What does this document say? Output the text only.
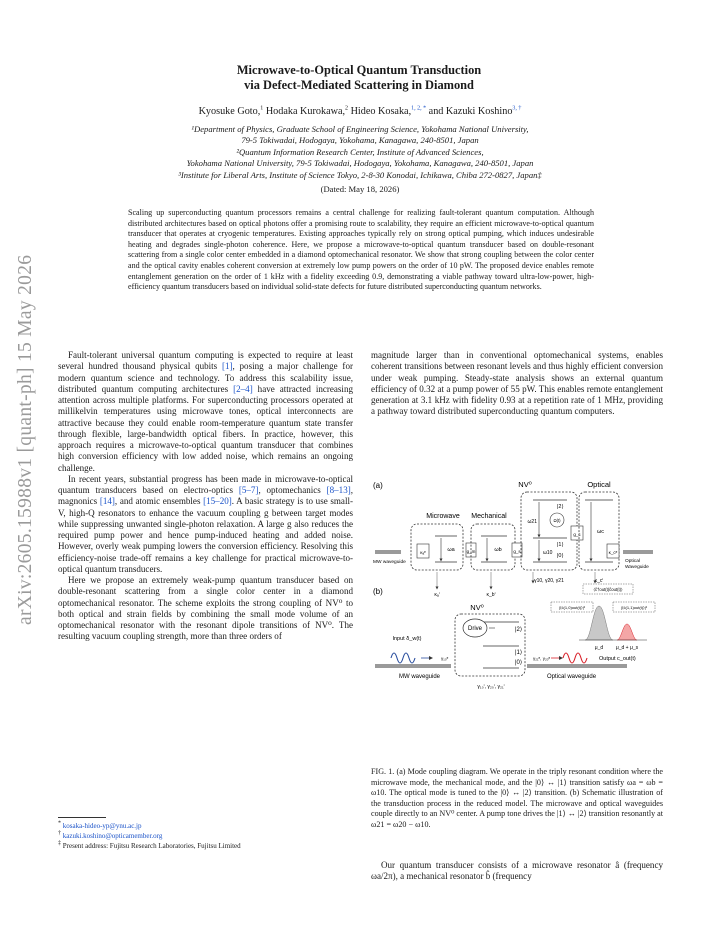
arXiv:2605.15988v1 [quant-ph] 15 May 2026
Microwave-to-Optical Quantum Transduction
via Defect-Mediated Scattering in Diamond
Kyosuke Goto,$^1$ Hodaka Kurokawa,$^2$ Hideo Kosaka,$^{1, 2, *}$ and Kazuki Koshino$^{3, \dagger}$
¹Department of Physics, Graduate School of Engineering Science, Yokohama National University,
79-5 Tokiwadai, Hodogaya, Yokohama, Kanagawa, 240-8501, Japan
²Quantum Information Research Center, Institute of Advanced Sciences,
Yokohama National University, 79-5 Tokiwadai, Hodogaya, Yokohama, Kanagawa, 240-8501, Japan
³Institute for Liberal Arts, Institute of Science Tokyo, 2-8-30 Konodai, Ichikawa, Chiba 272-0827, Japan‡
(Dated: May 18, 2026)
Scaling up superconducting quantum processors remains a central challenge for realizing fault-tolerant quantum computation. Although distributed architectures based on optical photons offer a promising route to scalability, they require an efficient microwave-to-optical quantum transducer that operates at cryogenic temperatures. Existing approaches typically rely on strong optical pumping, which induces undesirable heating and degrades single-photon coherence. Here, we propose a microwave-to-optical quantum transducer based on double-resonant scattering from a single color center embedded in a diamond optomechanical resonator. We show that strong coupling between the color center and the optical cavity enables coherent conversion at extremely low pump powers on the order of 10 pW. The proposed device enables remote entanglement generation on the order of 1 kHz with a fidelity exceeding 0.9, demonstrating a viable pathway toward ultra-low-power, high-efficiency quantum transducers based on individual solid-state defects for future distributed superconducting quantum networks.

Fault-tolerant universal quantum computing is expected to require at least several hundred thousand physical qubits [1], posing a major challenge for modern quantum science and technology. To address this scalability issue, distributed quantum computing architectures [2–4] have attracted increasing attention across multiple platforms. For superconducting processors operated at millikelvin temperatures using microwave tones, optical interconnects are attractive because they could enable room-temperature quantum state transfer through flexible, large-bandwidth optical fibers. In practice, however, this approach requires a microwave-to-optical quantum transducer that combines high conversion efficiency with low added noise, which remains an ongoing challenge.

In recent years, substantial progress has been made in microwave-to-optical quantum transducers based on electro-optics [5–7], optomechanics [8–13], magnonics [14], and atomic ensembles [15–20]. A basic strategy is to use small-V, high-Q resonators to enhance the vacuum coupling g between target modes while suppressing unwanted single-photon relaxation. A large g also reduces the required pump power and hence pump-induced heating and added noise. However, overly weak pumping lowers the conversion efficiency. Resolving this efficiency-noise trade-off remains a key challenge for practical microwave-to-optical quantum transducers.

Here we propose an extremely weak-pump quantum transducer based on double-resonant scattering from a single color center in a diamond optomechanical resonator. The scheme exploits the strong coupling of NV⁰ to both optical and strain fields by combining the small mode volume of an optomechanical resonator with the resonant dipole transitions of NV⁰. The resulting vacuum coupling strength, more than three orders of

* kosaka-hideo-yp@ynu.ac.jp
† kazuki.koshino@opticamember.org
‡ Present address: Fujitsu Research Laboratories, Fujitsu Limited

magnitude larger than in conventional optomechanical systems, enables coherent transitions between resonant levels and thus highly efficient conversion under weak pumping. Steady-state analysis shows an external quantum efficiency of 0.32 at a pump power of 55 pW. This enables remote entanglement generation at 3.1 kHz with fidelity 0.93 at a repetition rate of 1 MHz, providing a pathway toward distributed superconducting quantum computers.

(a)	NV⁰	Optical
Microwave Mechanical
MW waveguide	Optical
Waveguide
κₐᵉ	ωa
κₐⁱ
g_m	ωb
κ_bⁱ
g_s
|2⟩
|1⟩
|0⟩
ω21
ω10
Ω(t)
γ10, γ20, γ21
g_c	ωc
κ_cᵉ
κ_cⁱ
(b)
NV⁰
|2⟩
|1⟩
|0⟩
Drive
γ₁₀ⁱ, γ₂₀ⁱ, γ₂₁ⁱ
Input δ_w(t)
MW waveguide
γ₁₀ᵉ	γ₂₁ᵉ, γ₂₀ᵉ
Optical waveguide
Output c_out(t)
⟨ĉ†out(t)ĉout(t)⟩
|⟨ĉ(1,0)out(t)⟩|²	|⟨ĉ(1,1)out(t)⟩|²
μ_d	μ_d + μ_s
FIG. 1. (a) Mode coupling diagram. We operate in the triply resonant condition where the microwave mode, the mechanical mode, and the |0⟩ ↔ |1⟩ transition satisfy ωa = ωb = ω10. The optical mode is tuned to the |0⟩ ↔ |2⟩ transition. (b) Schematic illustration of the transduction process in the reduced model. The microwave and optical waveguides couple directly to an NV⁰ center. A pump tone drives the |1⟩ ↔ |2⟩ transition resonantly at ω21 = ω20 − ω10.

Our quantum transducer consists of a microwave resonator â (frequency ωa/2π), a mechanical resonator b̂ (frequency
